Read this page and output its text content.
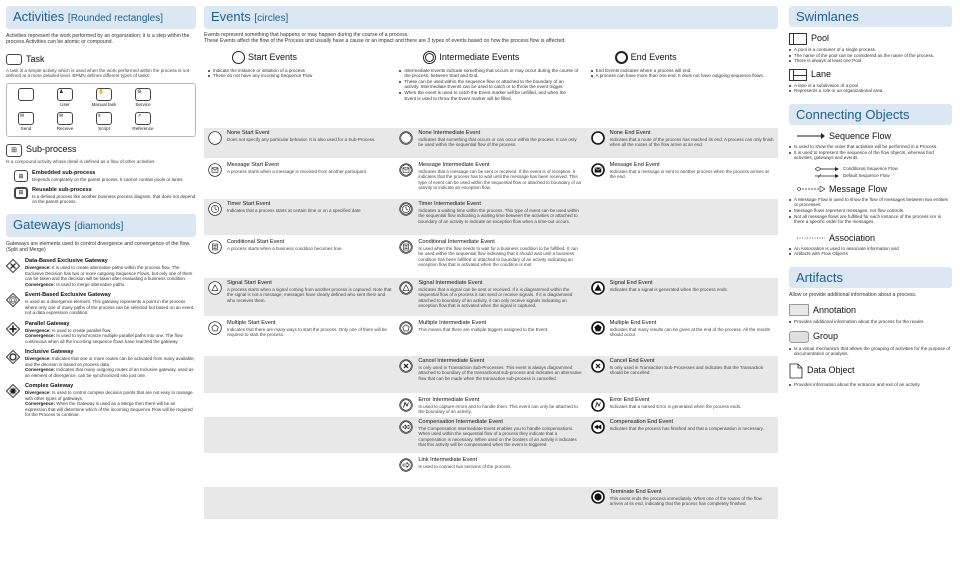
Activities [Rounded rectangles]
Activities represent the work performed by an organization; it is a step within the process.Activities can be atomic or compound.
Task
A task is a simple activity which is used when the work performed within the process is not defined at a more detailed level. BPMN defines different types of tasks:
♟
User
✋
Manual task
⚙
Service
✉
Send
✉
Receive
≡
Script
↗
Reference
⊞	Sub-process
Is a compound activity whose detail is defined as a flow of other activities.
⊞
Embedded sub-process
Depends completely on the parent process. It cannot contain pools or lanes.
⊞
Reusable sub-process
Is a defined process like another business process diagram, that does not depend on the parent process.
Gateways [diamonds]
Gateways are elements used to control divergence and convergence of the flow. (Split and Merge)
Data-Based Exclusive Gateway
Divergence: It is used to create alternative paths within the process flow. The Exclusive Decision has two or more outgoing Sequence Flows, but only one of them can be taken and the decision will be taken after evaluating a business condition.
Convergence: Is used to merge alternative paths.
Event-Based Exclusive Gateway
Is used as a divergence element. This gateway represents a point in the process where only one of many paths of the process can be selected but based on an event, not a data expression condition.
Parallel Gateway
Divergence: Is used to create parallel flow.
Convergence: Is used to synchronize multiple parallel paths into one. The flow continuous when all the incoming sequence flows have reached the gateway.
Inclusive Gateway
Divergence: Indicates that one or more routes can be activated from many available, and the decision is based on process data.
Convergence: Indicates that many outgoing routes of an Inclusive gateway, used as an element of divergence, can be synchronized into just one.
Complex Gateway
Divergence: Is used to control complex decision points that are not easy to manage with other types of gateways.
Convergence: When the Gateway is used as a Merge then there will be an expression that will determine which of the incoming Sequence Flow will be required for the Process to continue.
Events [circles]
Events represent something that happens or may happen during the course of a process.
These Events affect the flow of the Process and usually have a cause or an impact and there are 3 types of events based on how the process flow is affected.
Start Events	Intermediate Events	End Events
Indicate the instance or initiation of a process
These do not have any incoming Sequence Flow
Intermediate Events indicate something that occurs or may occur during the course of the process, between Start and End.
These can be used within the sequence flow or attached to the boundary of an activity. Intermediate Events can be used to catch or to throw the event trigger.
When the event is used to catch the Event marker will be unfilled, and when the Event is used to throw the Event marker will be filled.
End Events indicates where a process will end.
A process can have more than one end. It does not have outgoing sequence flows.
None Start Event
Does not specify any particular behavior. It is also used for a Sub-Process.
None Intermediate Event
Indicates that something that occurs or can occur within the process. It can only be used within the sequential flow of the process.
None End Event
Indicates that a route of the process has reached its end. A process can only finish when all the routes of the flow arrive at an end.
Message Start Event
A process starts when a message is received from another participant.
Message Intermediate Event
Indicates that a message can be sent or received. If the event is of reception, it indicates that the process has to wait until the message has been received. This type of event can be used within the sequential flow or attached to boundary of an activity to indicate an exception flow.
Message End Event
Indicates that a message is sent to another process when the process arrives at the end.
Timer Start Event
Indicates that a process starts at certain time or on a specified date
Timer Intermediate Event
Indicates a waiting time within the process. This type of event can be used within the sequential flow indicating a waiting time between the activities or attached to boundary of an activity to indicate an exception flow when a time-out occurs.
Conditional Start Event
A process starts when a business condition becomes true.
Conditional Intermediate Event
Is used when the flow needs to wait for a business condition to be fulfilled. It can be used within the sequential flow indicating that it should wait until a business condition has been fulfilled or attached to boundary of an activity indicating an exception flow that is activated when the condition is met.
Signal Start Event
A process starts when a signal coming from another process is captured. Note that the signal is not a message; messages have clearly defined who sent them and who receives them.
Signal Intermediate Event
Indicates that a signal can be sent or received. If it is diagrammed within the sequential flow of a process it can send or receive signals. If it is diagrammed attached to boundary of an activity, it can only receive signals indicating an exception flow that is activated when the signal is captured.
Signal End Event
Indicates that a signal is generated when the process ends.
Multiple Start Event
Indicates that there are many ways to start the process. Only one of them will be required to start the process.
Multiple Intermediate Event
This means that there are multiple triggers assigned to the Event.
Multiple End Event
Indicates that many results can be given at the end of the process. All the results should occur.
Cancel Intermediate Event
Is only used in Transaction Sub-Processes. This event is always diagrammed attached to boundary of the transactional sub-process and indicates an alternative flow that can be made when the transaction sub-process is cancelled.
Cancel End Event
Is only used in Transaction Sub-Processes and indicates that the Transaction should be cancelled.
Error Intermediate Event
Is used to capture errors and to handle them. This event can only be attached to the boundary of an activity.
Error End Event
Indicates that a named Error is generated when the process ends.
Compensation Intermediate Event
The Compensation Intermediate Event enables you to handle compensations. When used within the sequential flow of a process they indicate that a compensation is necessary. When used on the borders of an activity it indicates that this activity will be compensated when the event is triggered
Compensation End Event
Indicates that the process has finished and that a compensation is necessary.
Link Intermediate Event
Is used to connect two sections of the process.
Terminate End Event
This event ends the process immediately. When one of the routes of the flow arrives at its end, indicating that the process has completely finished.
Swimlanes
Pool
A pool is a container of a single process.
The name of the pool can be considered as the name of the process.
There is always at least one Pool.
Lane
A lane is a subdivision of a pool
Represents a role or an organizational area.
Connecting Objects
Sequence Flow
Is used to show the order that activities will be performed in a Process.
It is used to represent the sequence of the flow objects, whereas find activities, gateways and events.
Conditional Sequence Flow
Default Sequence Flow
Message Flow
A Message Flow is used to show the flow of messages between two entities or processes.
Message flows represent messages, not flow controls.
Not all message flows are fulfilled for each instance of the process nor is there a specific order for the messages.
Association
An Association is used to associate information and
Artifacts with Flow Objects
Artifacts
Allow or provide additional information about a process.
Annotation
Provides additional information about the process for the reader.
Group
Is a visual mechanism that allows the grouping of activities for the purpose of documentation or analysis.
Data Object
Provides information about the entrance and exit of an activity.
